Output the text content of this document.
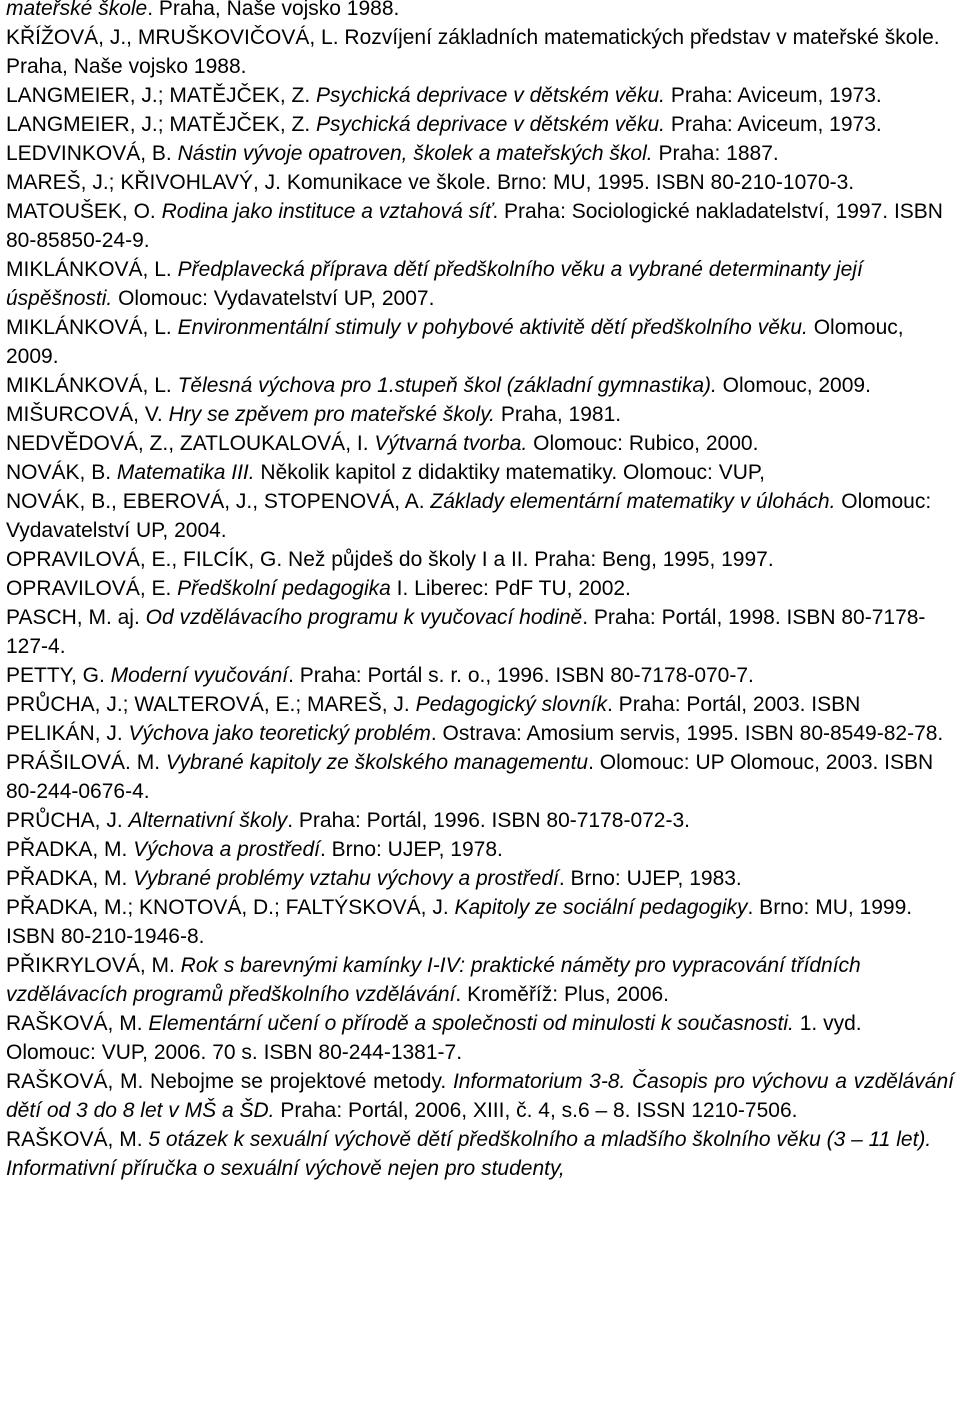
mateřské škole. Praha, Naše vojsko 1988.

KŘÍŽOVÁ, J., MRUŠKOVIČOVÁ, L. Rozvíjení základních matematických představ v mateřské škole. Praha, Naše vojsko 1988.

LANGMEIER, J.; MATĚJČEK, Z. Psychická deprivace v dětském věku. Praha: Aviceum, 1973.

LANGMEIER, J.; MATĚJČEK, Z. Psychická deprivace v dětském věku. Praha: Aviceum, 1973.

LEDVINKOVÁ, B. Nástin vývoje opatroven, školek a mateřských škol. Praha: 1887.

MAREŠ, J.; KŘIVOHLAVÝ, J. Komunikace ve škole. Brno: MU, 1995. ISBN 80-210-1070-3.

MATOUŠEK, O. Rodina jako instituce a vztahová síť. Praha: Sociologické nakladatelství, 1997. ISBN 80-85850-24-9.

MIKLÁNKOVÁ, L. Předplavecká příprava dětí předškolního věku a vybrané determinanty její úspěšnosti. Olomouc: Vydavatelství UP, 2007.

MIKLÁNKOVÁ, L. Environmentální stimuly v pohybové aktivitě dětí předškolního věku. Olomouc, 2009.

MIKLÁNKOVÁ, L. Tělesná výchova pro 1.stupeň škol (základní gymnastika). Olomouc, 2009.

MIŠURCOVÁ, V. Hry se zpěvem pro mateřské školy. Praha, 1981.

NEDVĚDOVÁ, Z., ZATLOUKALOVÁ, I. Výtvarná tvorba. Olomouc: Rubico, 2000.

NOVÁK, B. Matematika III. Několik kapitol z didaktiky matematiky. Olomouc: VUP,

NOVÁK, B., EBEROVÁ, J., STOPENOVÁ, A. Základy elementární matematiky v úlohách. Olomouc: Vydavatelství UP, 2004.

OPRAVILOVÁ, E., FILCÍK, G. Než půjdeš do školy I a II. Praha: Beng, 1995, 1997.

OPRAVILOVÁ, E. Předškolní pedagogika I. Liberec: PdF TU, 2002.

PASCH, M. aj. Od vzdělávacího programu k vyučovací hodině. Praha: Portál, 1998. ISBN 80-7178-127-4.

PETTY, G. Moderní vyučování. Praha: Portál s. r. o., 1996. ISBN 80-7178-070-7.

PRŮCHA, J.; WALTEROVÁ, E.; MAREŠ, J. Pedagogický slovník. Praha: Portál, 2003. ISBN

PELIKÁN, J. Výchova jako teoretický problém. Ostrava: Amosium servis, 1995. ISBN 80-8549-82-78.

PRÁŠILOVÁ. M. Vybrané kapitoly ze školského managementu. Olomouc: UP Olomouc, 2003. ISBN 80-244-0676-4.

PRŮCHA, J. Alternativní školy. Praha: Portál, 1996. ISBN 80-7178-072-3.

PŘADKA, M. Výchova a prostředí. Brno: UJEP, 1978.

PŘADKA, M. Vybrané problémy vztahu výchovy a prostředí. Brno: UJEP, 1983.

PŘADKA, M.; KNOTOVÁ, D.; FALTÝSKOVÁ, J. Kapitoly ze sociální pedagogiky. Brno: MU, 1999. ISBN 80-210-1946-8.

PŘIKRYLOVÁ, M. Rok s barevnými kamínky I-IV: praktické náměty pro vypracování třídních vzdělávacích programů předškolního vzdělávání. Kroměříž: Plus, 2006.

RAŠKOVÁ, M. Elementární učení o přírodě a společnosti od minulosti k současnosti. 1. vyd. Olomouc: VUP, 2006. 70 s. ISBN 80-244-1381-7.

RAŠKOVÁ, M. Nebojme se projektové metody. Informatorium 3-8. Časopis pro výchovu a vzdělávání dětí od 3 do 8 let v MŠ a ŠD. Praha: Portál, 2006, XIII, č. 4, s.6 – 8. ISSN 1210-7506.

RAŠKOVÁ, M. 5 otázek k sexuální výchově dětí předškolního a mladšího školního věku (3 – 11 let). Informativní příručka o sexuální výchově nejen pro studenty,
